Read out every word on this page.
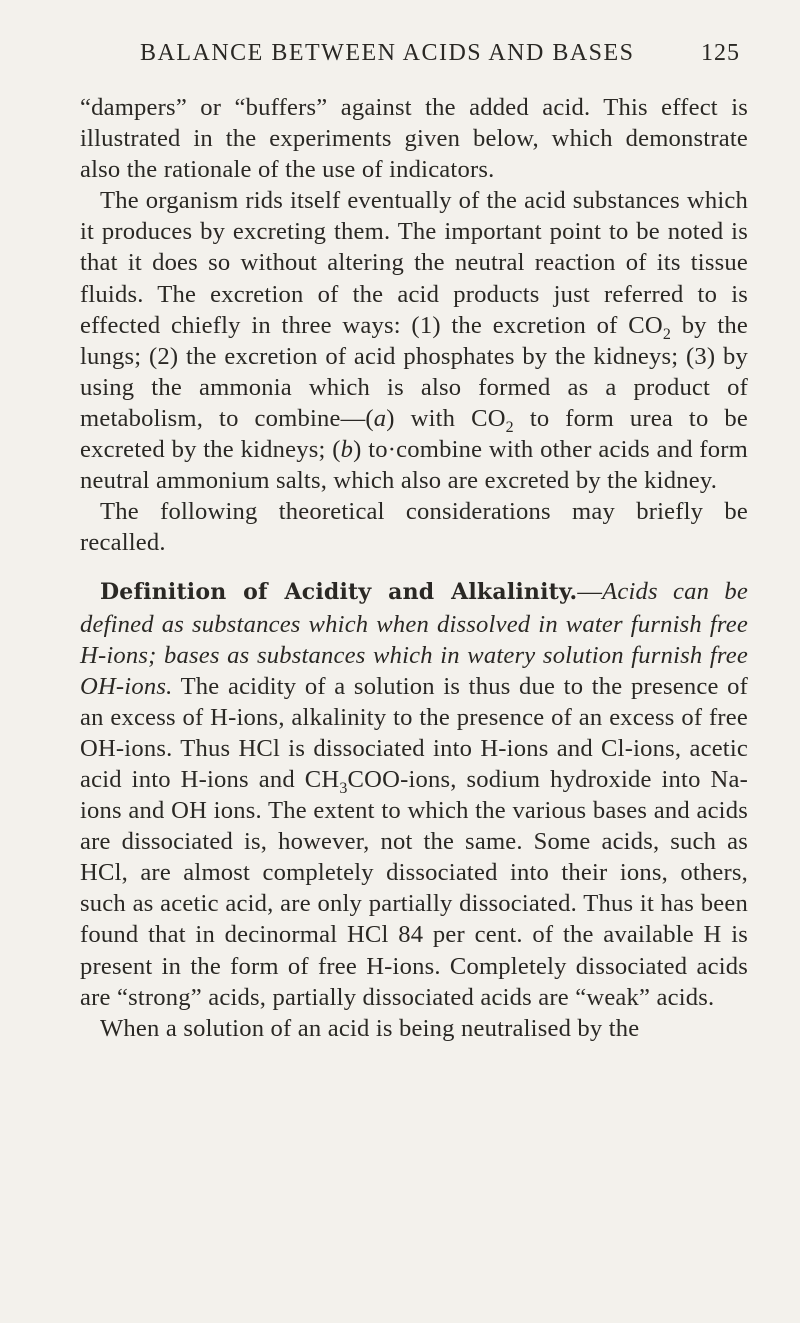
BALANCE BETWEEN ACIDS AND BASES	125

“dampers” or “buffers” against the added acid. This effect is illustrated in the experiments given below, which demonstrate also the rationale of the use of indicators.

The organism rids itself eventually of the acid substances which it produces by excreting them. The important point to be noted is that it does so without altering the neutral reaction of its tissue fluids. The excretion of the acid products just referred to is effected chiefly in three ways: (1) the excretion of $CO_2$ by the lungs; (2) the excretion of acid phosphates by the kidneys; (3) by using the ammonia which is also formed as a product of metabolism, to combine—(a) with $CO_2$ to form urea to be excreted by the kidneys; (b) to·combine with other acids and form neutral ammonium salts, which also are excreted by the kidney.

The following theoretical considerations may briefly be recalled.

Definition of Acidity and Alkalinity.—Acids can be defined as substances which when dissolved in water furnish free H-ions; bases as substances which in watery solution furnish free OH-ions. The acidity of a solution is thus due to the presence of an excess of H-ions, alkalinity to the presence of an excess of free OH-ions. Thus HCl is dissociated into H-ions and Cl-ions, acetic acid into H-ions and $CH_3COO$-ions, sodium hydroxide into Na-ions and OH ions. The extent to which the various bases and acids are dissociated is, however, not the same. Some acids, such as HCl, are almost completely dissociated into their ions, others, such as acetic acid, are only partially dissociated. Thus it has been found that in decinormal HCl 84 per cent. of the available H is present in the form of free H-ions. Completely dissociated acids are “strong” acids, partially dissociated acids are “weak” acids.

When a solution of an acid is being neutralised by the
